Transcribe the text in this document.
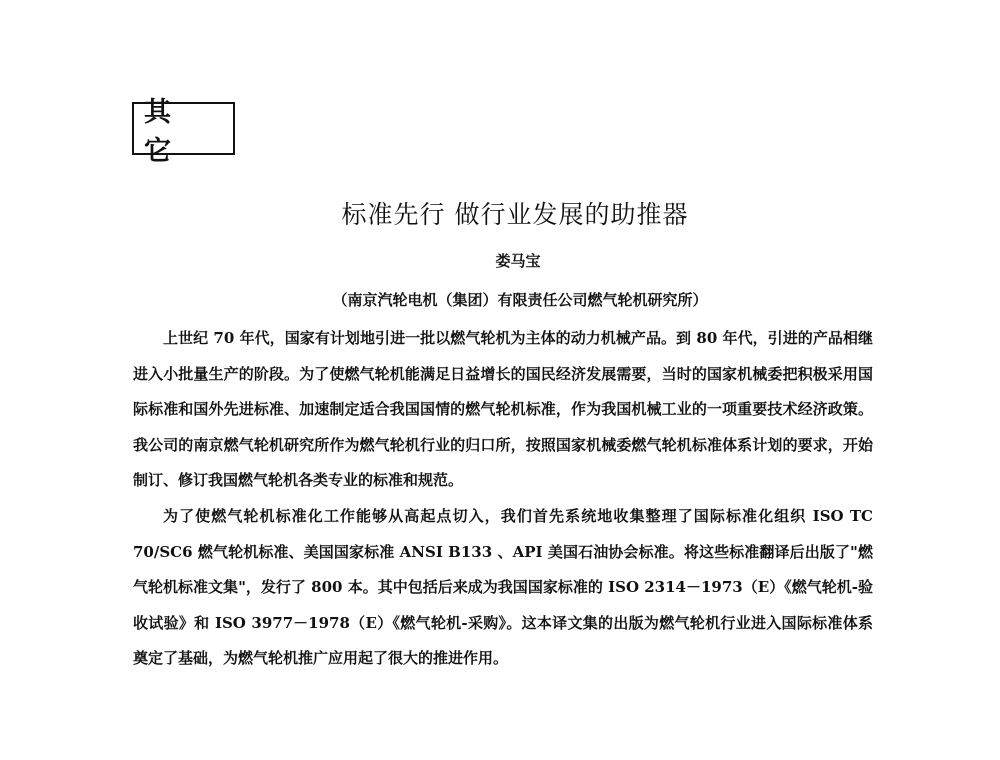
其 它
标准先行 做行业发展的助推器
娄马宝
（南京汽轮电机（集团）有限责任公司燃气轮机研究所）

上世纪 70 年代，国家有计划地引进一批以燃气轮机为主体的动力机械产品。到 80 年代，引进的产品相继进入小批量生产的阶段。为了使燃气轮机能满足日益增长的国民经济发展需要，当时的国家机械委把积极采用国际标准和国外先进标准、加速制定适合我国国情的燃气轮机标准，作为我国机械工业的一项重要技术经济政策。我公司的南京燃气轮机研究所作为燃气轮机行业的归口所，按照国家机械委燃气轮机标准体系计划的要求，开始制订、修订我国燃气轮机各类专业的标准和规范。

为了使燃气轮机标准化工作能够从高起点切入，我们首先系统地收集整理了国际标准化组织 ISO TC 70/SC6 燃气轮机标准、美国国家标准 ANSI B133 、API 美国石油协会标准。将这些标准翻译后出版了"燃气轮机标准文集"，发行了 800 本。其中包括后来成为我国国家标准的 ISO 2314－1973（E）《燃气轮机-验收试验》和 ISO 3977－1978（E）《燃气轮机-采购》。这本译文集的出版为燃气轮机行业进入国际标准体系奠定了基础，为燃气轮机推广应用起了很大的推进作用。
